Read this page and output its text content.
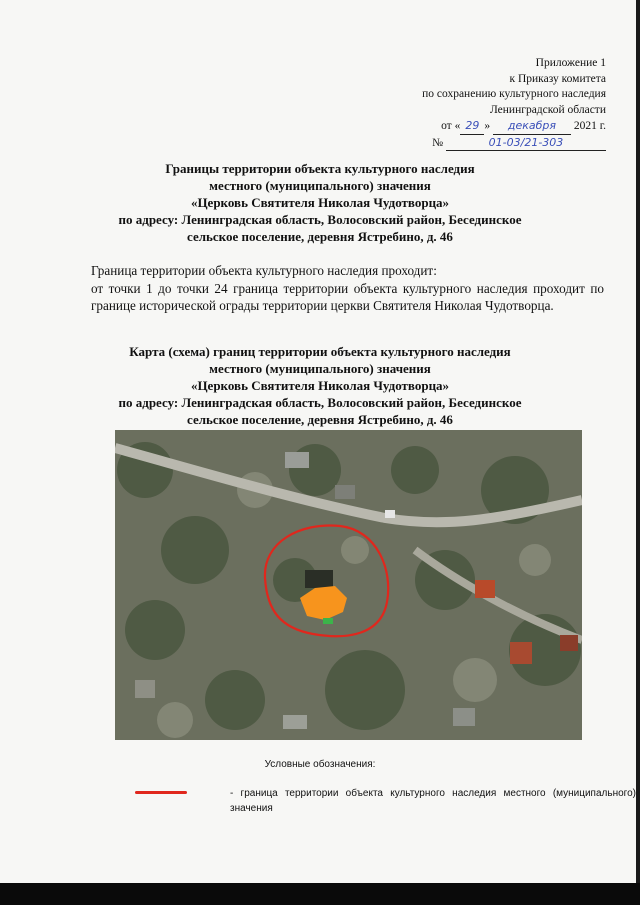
Приложение 1
к Приказу комитета
по сохранению культурного наследия
Ленинградской области
от « 29 » декабря 2021 г.
№	01-03/21-303
Границы территории объекта культурного наследия
местного (муниципального) значения
«Церковь Святителя Николая Чудотворца»
по адресу: Ленинградская область, Волосовский район, Бесединское
сельское поселение, деревня Ястребино, д. 46
Граница территории объекта культурного наследия проходит:
от точки 1 до точки 24 граница территории объекта культурного наследия проходит по границе исторической ограды территории церкви Святителя Николая Чудотворца.
Карта (схема) границ территории объекта культурного наследия
местного (муниципального) значения
«Церковь Святителя Николая Чудотворца»
по адресу: Ленинградская область, Волосовский район, Бесединское
сельское поселение, деревня Ястребино, д. 46
Условные обозначения:
- граница территории объекта культурного наследия местного (муниципального) значения
